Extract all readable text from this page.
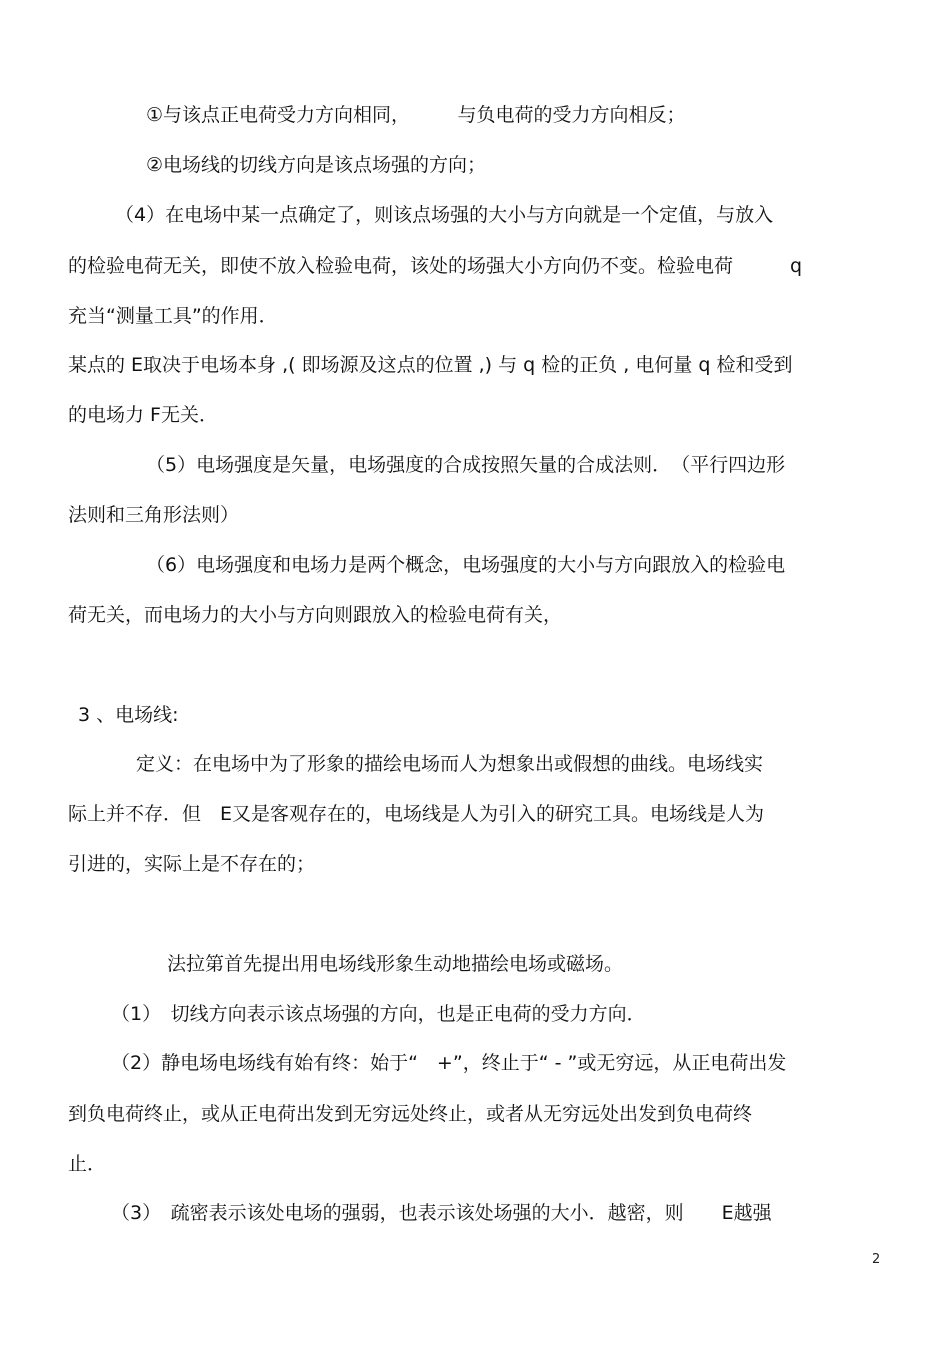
①与该点正电荷受力方向相同，　　　与负电荷的受力方向相反；
②电场线的切线方向是该点场强的方向；
（4）在电场中某一点确定了，则该点场强的大小与方向就是一个定值，与放入
的检验电荷无关，即使不放入检验电荷，该处的场强大小方向仍不变。检验电荷　　　q
充当“测量工具”的作用．
某点的 E取决于电场本身 ,( 即场源及这点的位置 ,) 与 q 检的正负 , 电何量 q 检和受到
的电场力 F无关．
（5）电场强度是矢量，电场强度的合成按照矢量的合成法则．　（平行四边形
法则和三角形法则）
（6）电场强度和电场力是两个概念，电场强度的大小与方向跟放入的检验电
荷无关，而电场力的大小与方向则跟放入的检验电荷有关，
3 、电场线:
定义：在电场中为了形象的描绘电场而人为想象出或假想的曲线。电场线实
际上并不存．但　E又是客观存在的，电场线是人为引入的研究工具。电场线是人为
引进的，实际上是不存在的；
法拉第首先提出用电场线形象生动地描绘电场或磁场。
（1）　切线方向表示该点场强的方向，也是正电荷的受力方向．
（2）静电场电场线有始有终：始于“　+”，终止于“ - ”或无穷远，从正电荷出发
到负电荷终止，或从正电荷出发到无穷远处终止，或者从无穷远处出发到负电荷终
止．
（3）　疏密表示该处电场的强弱，也表示该处场强的大小．越密，则　　E越强
2
